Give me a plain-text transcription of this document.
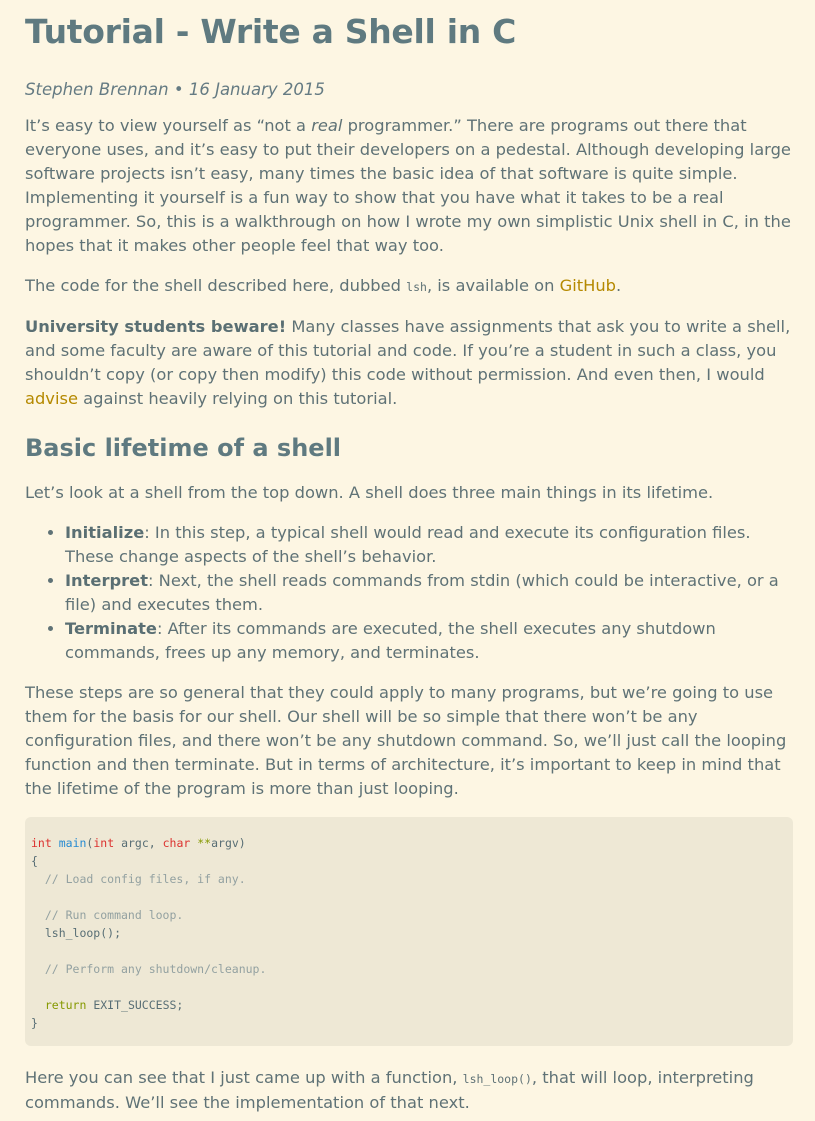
Tutorial - Write a Shell in C
Stephen Brennan • 16 January 2015

It’s easy to view yourself as “not a real programmer.” There are programs out there that everyone uses, and it’s easy to put their developers on a pedestal. Although developing large software projects isn’t easy, many times the basic idea of that software is quite simple. Implementing it yourself is a fun way to show that you have what it takes to be a real programmer. So, this is a walkthrough on how I wrote my own simplistic Unix shell in C, in the hopes that it makes other people feel that way too.

The code for the shell described here, dubbed lsh, is available on GitHub.

University students beware! Many classes have assignments that ask you to write a shell, and some faculty are aware of this tutorial and code. If you’re a student in such a class, you shouldn’t copy (or copy then modify) this code without permission. And even then, I would advise against heavily relying on this tutorial.

Basic lifetime of a shell

Let’s look at a shell from the top down. A shell does three main things in its lifetime.

• Initialize: In this step, a typical shell would read and execute its configuration files. These change aspects of the shell’s behavior.
• Interpret: Next, the shell reads commands from stdin (which could be interactive, or a file) and executes them.
• Terminate: After its commands are executed, the shell executes any shutdown commands, frees up any memory, and terminates.

These steps are so general that they could apply to many programs, but we’re going to use them for the basis for our shell. Our shell will be so simple that there won’t be any configuration files, and there won’t be any shutdown command. So, we’ll just call the looping function and then terminate. But in terms of architecture, it’s important to keep in mind that the lifetime of the program is more than just looping.

int main(int argc, char **argv)
{
// Load config files, if any.

// Run command loop.
lsh_loop();

// Perform any shutdown/cleanup.

return EXIT_SUCCESS;
}

Here you can see that I just came up with a function, lsh_loop(), that will loop, interpreting commands. We’ll see the implementation of that next.
